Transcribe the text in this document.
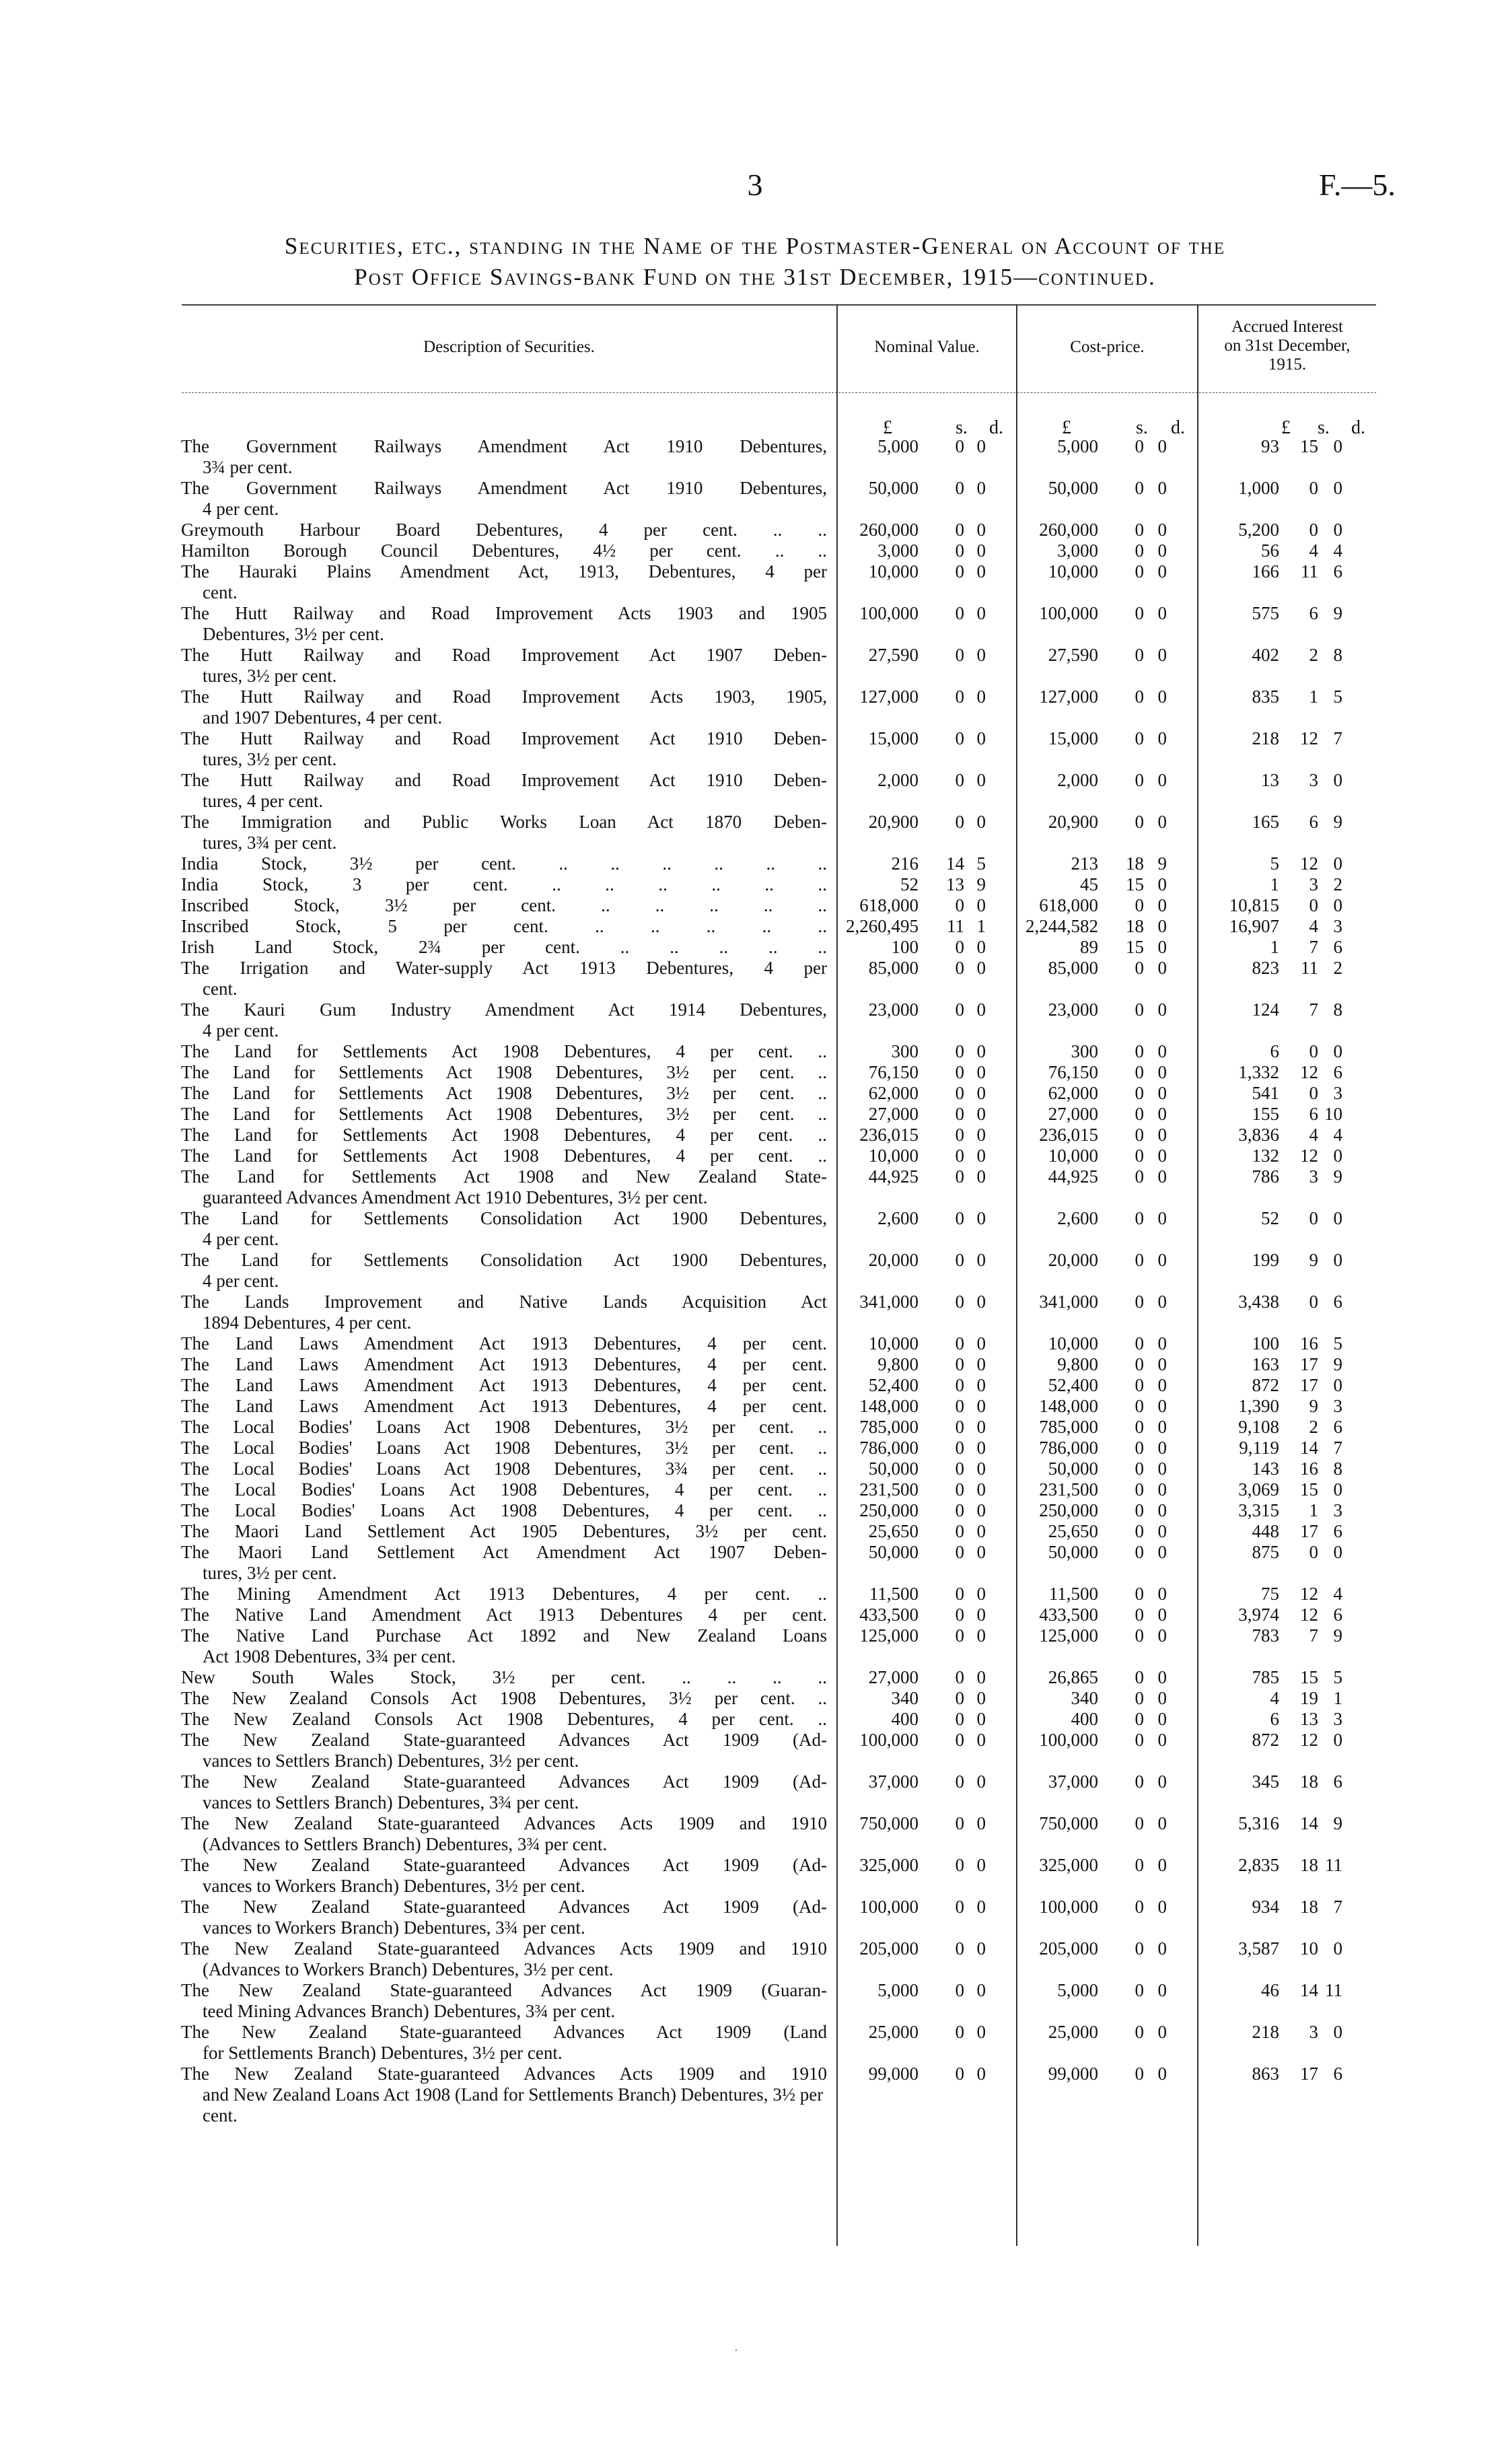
3	F.—5.
Securities, etc., standing in the Name of the Postmaster-General on Account of the
Post Office Savings-bank Fund on the 31st December, 1915—continued.
Description of Securities.	Nominal Value.	Cost-price.
Accrued Interest
on 31st December,
1915.
£	s. d.	£	s. d.	£ s. d.
The Government Railways Amendment Act 1910 Debentures,
3¾ per cent.	5,000	0	0		5,000	0	0		93	15	0	

The Government Railways Amendment Act 1910 Debentures,
4 per cent.	50,000	0	0		50,000	0	0		1,000	0	0	

Greymouth Harbour Board Debentures, 4 per cent. .. ..	260,000	0	0		260,000	0	0		5,200	0	0	

Hamilton Borough Council Debentures, 4½ per cent. .. ..	3,000	0	0		3,000	0	0		56	4	4	

The Hauraki Plains Amendment Act, 1913, Debentures, 4 per
cent.	10,000	0	0		10,000	0	0		166	11	6	

The Hutt Railway and Road Improvement Acts 1903 and 1905
Debentures, 3½ per cent.	100,000	0	0		100,000	0	0		575	6	9	

The Hutt Railway and Road Improvement Act 1907 Deben-
tures, 3½ per cent.	27,590	0	0		27,590	0	0		402	2	8	

The Hutt Railway and Road Improvement Acts 1903, 1905,
and 1907 Debentures, 4 per cent.	127,000	0	0		127,000	0	0		835	1	5	

The Hutt Railway and Road Improvement Act 1910 Deben-
tures, 3½ per cent.	15,000	0	0		15,000	0	0		218	12	7	

The Hutt Railway and Road Improvement Act 1910 Deben-
tures, 4 per cent.	2,000	0	0		2,000	0	0		13	3	0	

The Immigration and Public Works Loan Act 1870 Deben-
tures, 3¾ per cent.	20,900	0	0		20,900	0	0		165	6	9	

India Stock, 3½ per cent. .. .. .. .. .. ..	216	14	5		213	18	9		5	12	0	

India Stock, 3 per cent. .. .. .. .. .. ..	52	13	9		45	15	0		1	3	2	

Inscribed Stock, 3½ per cent. .. .. .. .. ..	618,000	0	0		618,000	0	0		10,815	0	0	

Inscribed Stock, 5 per cent. .. .. .. .. ..	2,260,495	11	1		2,244,582	18	0		16,907	4	3	

Irish Land Stock, 2¾ per cent. .. .. .. .. ..	100	0	0		89	15	0		1	7	6	

The Irrigation and Water-supply Act 1913 Debentures, 4 per
cent.	85,000	0	0		85,000	0	0		823	11	2	

The Kauri Gum Industry Amendment Act 1914 Debentures,
4 per cent.	23,000	0	0		23,000	0	0		124	7	8	

The Land for Settlements Act 1908 Debentures, 4 per cent. ..	300	0	0		300	0	0		6	0	0	

The Land for Settlements Act 1908 Debentures, 3½ per cent. ..	76,150	0	0		76,150	0	0		1,332	12	6	

The Land for Settlements Act 1908 Debentures, 3½ per cent. ..	62,000	0	0		62,000	0	0		541	0	3	

The Land for Settlements Act 1908 Debentures, 3½ per cent. ..	27,000	0	0		27,000	0	0		155	6	10	

The Land for Settlements Act 1908 Debentures, 4 per cent. ..	236,015	0	0		236,015	0	0		3,836	4	4	

The Land for Settlements Act 1908 Debentures, 4 per cent. ..	10,000	0	0		10,000	0	0		132	12	0	

The Land for Settlements Act 1908 and New Zealand State-
guaranteed Advances Amendment Act 1910 Debentures, 3½ per cent.	44,925	0	0		44,925	0	0		786	3	9	

The Land for Settlements Consolidation Act 1900 Debentures,
4 per cent.	2,600	0	0		2,600	0	0		52	0	0	

The Land for Settlements Consolidation Act 1900 Debentures,
4 per cent.	20,000	0	0		20,000	0	0		199	9	0	

The Lands Improvement and Native Lands Acquisition Act
1894 Debentures, 4 per cent.	341,000	0	0		341,000	0	0		3,438	0	6	

The Land Laws Amendment Act 1913 Debentures, 4 per cent.	10,000	0	0		10,000	0	0		100	16	5	

The Land Laws Amendment Act 1913 Debentures, 4 per cent.	9,800	0	0		9,800	0	0		163	17	9	

The Land Laws Amendment Act 1913 Debentures, 4 per cent.	52,400	0	0		52,400	0	0		872	17	0	

The Land Laws Amendment Act 1913 Debentures, 4 per cent.	148,000	0	0		148,000	0	0		1,390	9	3	

The Local Bodies' Loans Act 1908 Debentures, 3½ per cent. ..	785,000	0	0		785,000	0	0		9,108	2	6	

The Local Bodies' Loans Act 1908 Debentures, 3½ per cent. ..	786,000	0	0		786,000	0	0		9,119	14	7	

The Local Bodies' Loans Act 1908 Debentures, 3¾ per cent. ..	50,000	0	0		50,000	0	0		143	16	8	

The Local Bodies' Loans Act 1908 Debentures, 4 per cent. ..	231,500	0	0		231,500	0	0		3,069	15	0	

The Local Bodies' Loans Act 1908 Debentures, 4 per cent. ..	250,000	0	0		250,000	0	0		3,315	1	3	

The Maori Land Settlement Act 1905 Debentures, 3½ per cent.	25,650	0	0		25,650	0	0		448	17	6	

The Maori Land Settlement Act Amendment Act 1907 Deben-
tures, 3½ per cent.	50,000	0	0		50,000	0	0		875	0	0	

The Mining Amendment Act 1913 Debentures, 4 per cent. ..	11,500	0	0		11,500	0	0		75	12	4	

The Native Land Amendment Act 1913 Debentures 4 per cent.	433,500	0	0		433,500	0	0		3,974	12	6	

The Native Land Purchase Act 1892 and New Zealand Loans
Act 1908 Debentures, 3¾ per cent.	125,000	0	0		125,000	0	0		783	7	9	

New South Wales Stock, 3½ per cent. .. .. .. ..	27,000	0	0		26,865	0	0		785	15	5	

The New Zealand Consols Act 1908 Debentures, 3½ per cent. ..	340	0	0		340	0	0		4	19	1	

The New Zealand Consols Act 1908 Debentures, 4 per cent. ..	400	0	0		400	0	0		6	13	3	

The New Zealand State-guaranteed Advances Act 1909 (Ad-
vances to Settlers Branch) Debentures, 3½ per cent.	100,000	0	0		100,000	0	0		872	12	0	

The New Zealand State-guaranteed Advances Act 1909 (Ad-
vances to Settlers Branch) Debentures, 3¾ per cent.	37,000	0	0		37,000	0	0		345	18	6	

The New Zealand State-guaranteed Advances Acts 1909 and 1910
(Advances to Settlers Branch) Debentures, 3¾ per cent.	750,000	0	0		750,000	0	0		5,316	14	9	

The New Zealand State-guaranteed Advances Act 1909 (Ad-
vances to Workers Branch) Debentures, 3½ per cent.	325,000	0	0		325,000	0	0		2,835	18	11	

The New Zealand State-guaranteed Advances Act 1909 (Ad-
vances to Workers Branch) Debentures, 3¾ per cent.	100,000	0	0		100,000	0	0		934	18	7	

The New Zealand State-guaranteed Advances Acts 1909 and 1910
(Advances to Workers Branch) Debentures, 3½ per cent.	205,000	0	0		205,000	0	0		3,587	10	0	

The New Zealand State-guaranteed Advances Act 1909 (Guaran-
teed Mining Advances Branch) Debentures, 3¾ per cent.	5,000	0	0		5,000	0	0		46	14	11	

The New Zealand State-guaranteed Advances Act 1909 (Land
for Settlements Branch) Debentures, 3½ per cent.	25,000	0	0		25,000	0	0		218	3	0	

The New Zealand State-guaranteed Advances Acts 1909 and 1910
and New Zealand Loans Act 1908 (Land for Settlements Branch) Debentures, 3½ per cent.	99,000	0	0		99,000	0	0		863	17	6	
·
